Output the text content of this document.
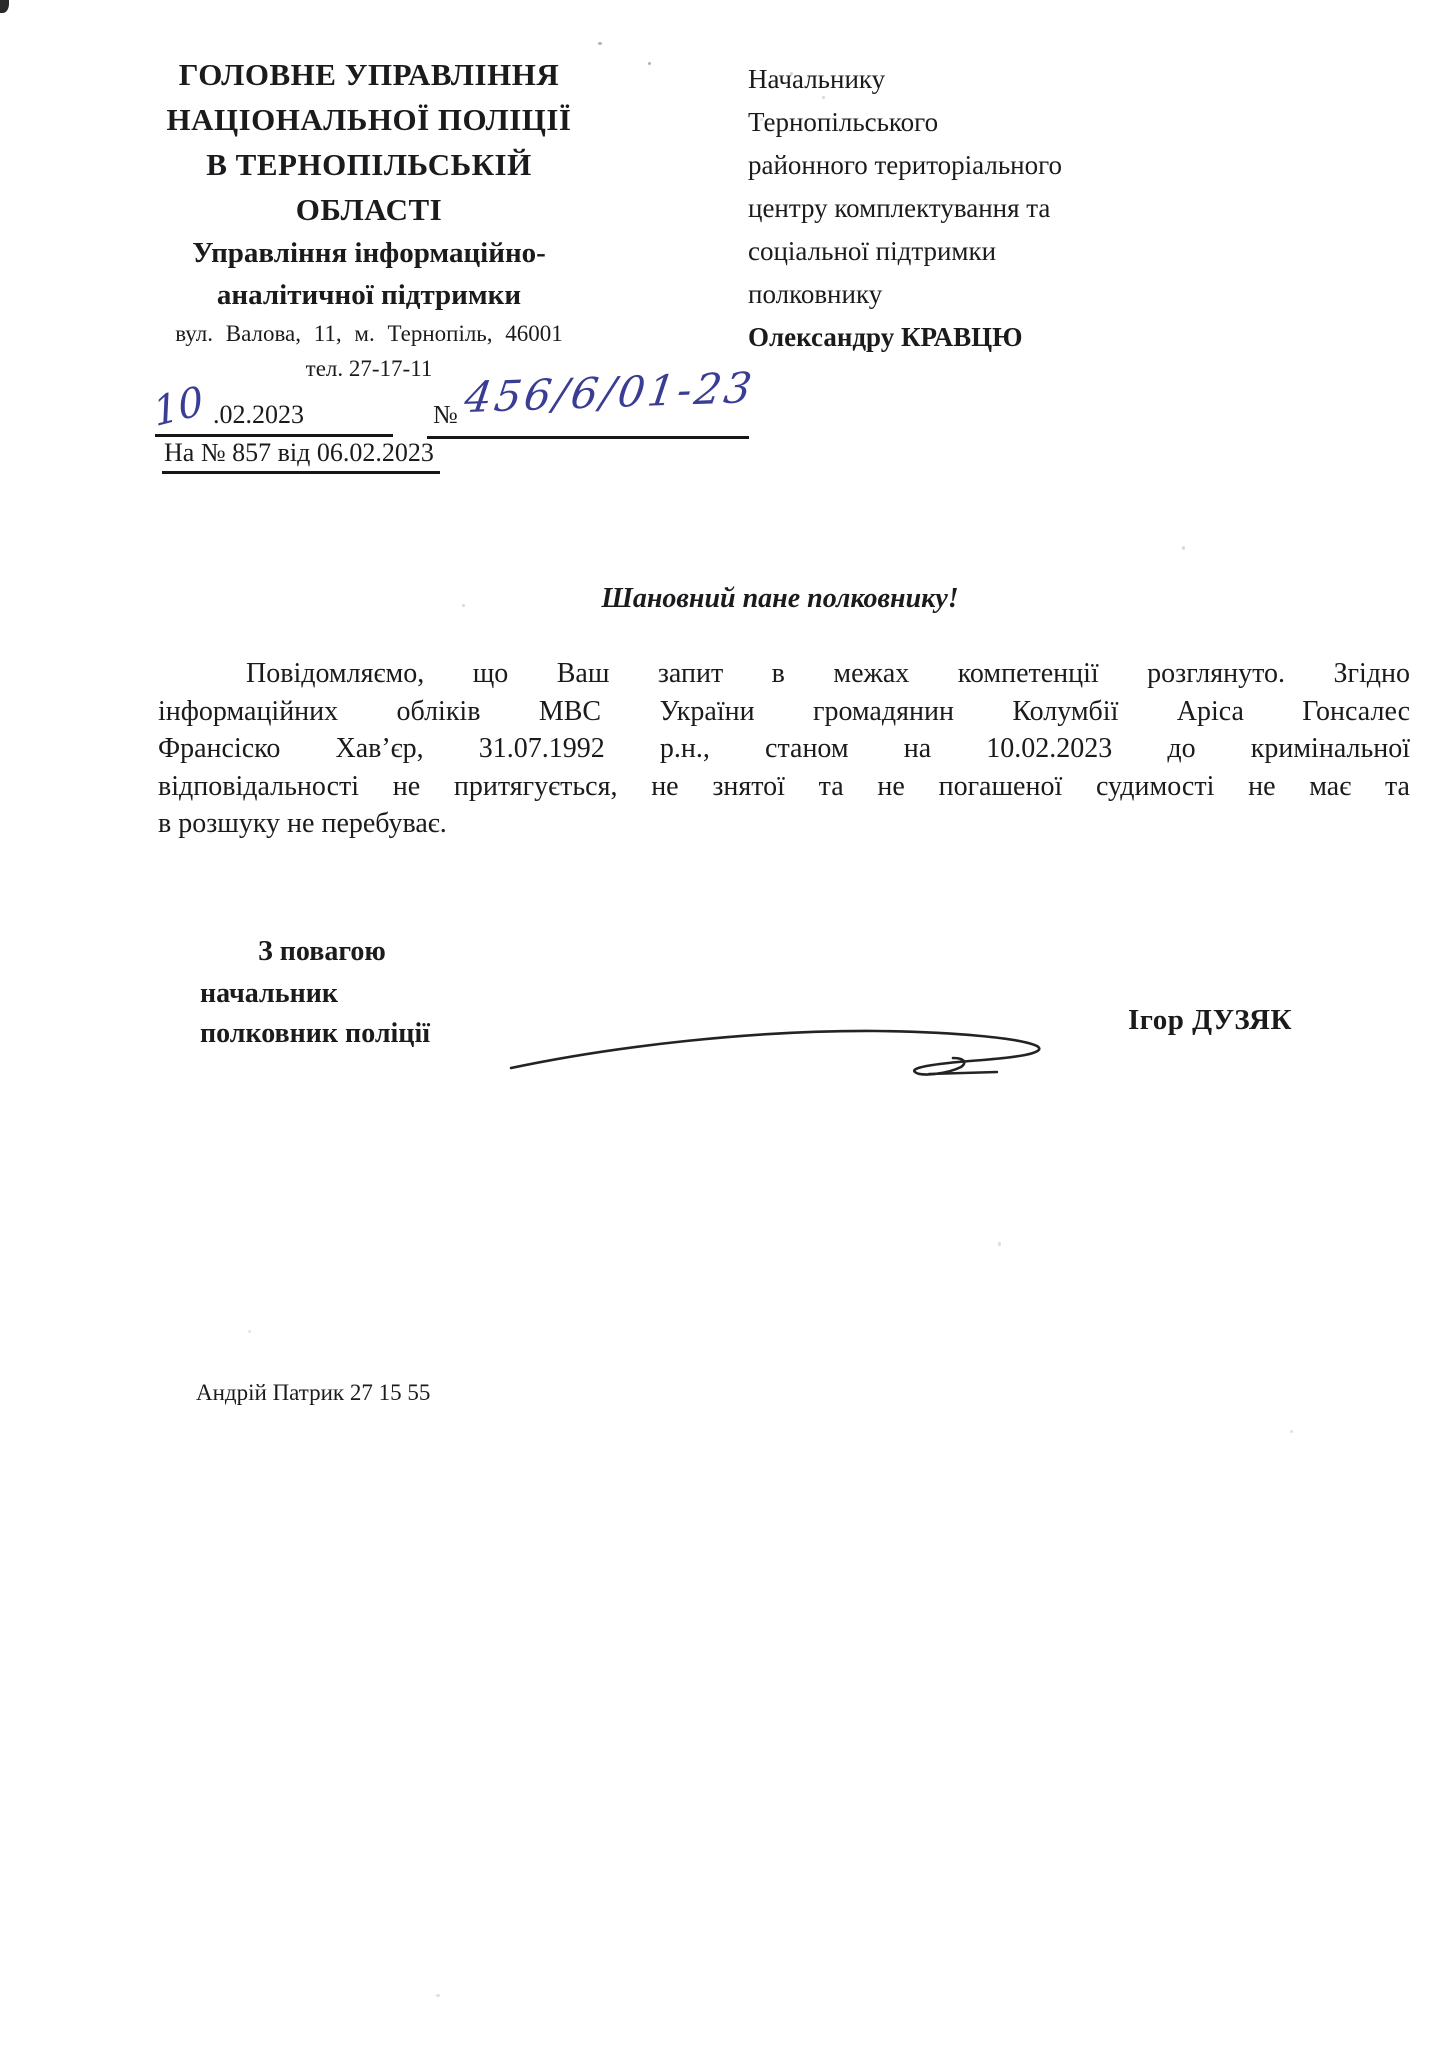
ГОЛОВНЕ УПРАВЛІННЯ
НАЦІОНАЛЬНОЇ ПОЛІЦІЇ
В ТЕРНОПІЛЬСЬКІЙ
ОБЛАСТІ
Управління інформаційно-
аналітичної підтримки
вул. Валова, 11, м. Тернопіль, 46001
тел. 27-17-11
10 .02.2023	№ 456/6/01-23
На № 857 від 06.02.2023
Начальнику
Тернопільського
районного територіального
центру комплектування та
соціальної підтримки
полковнику
Олександру КРАВЦЮ
Шановний пане полковнику!
Повідомляємо, що Ваш запит в межах компетенції розглянуто. Згідно
інформаційних обліків МВС України громадянин Колумбії Аріса Гонсалес
Франсіско Хав’єр, 31.07.1992 р.н., станом на 10.02.2023 до кримінальної
відповідальності не притягується, не знятої та не погашеної судимості не має та
в розшуку не перебуває.
З повагою
начальник
полковник поліції	Ігор ДУЗЯК
Андрій Патрик 27 15 55
